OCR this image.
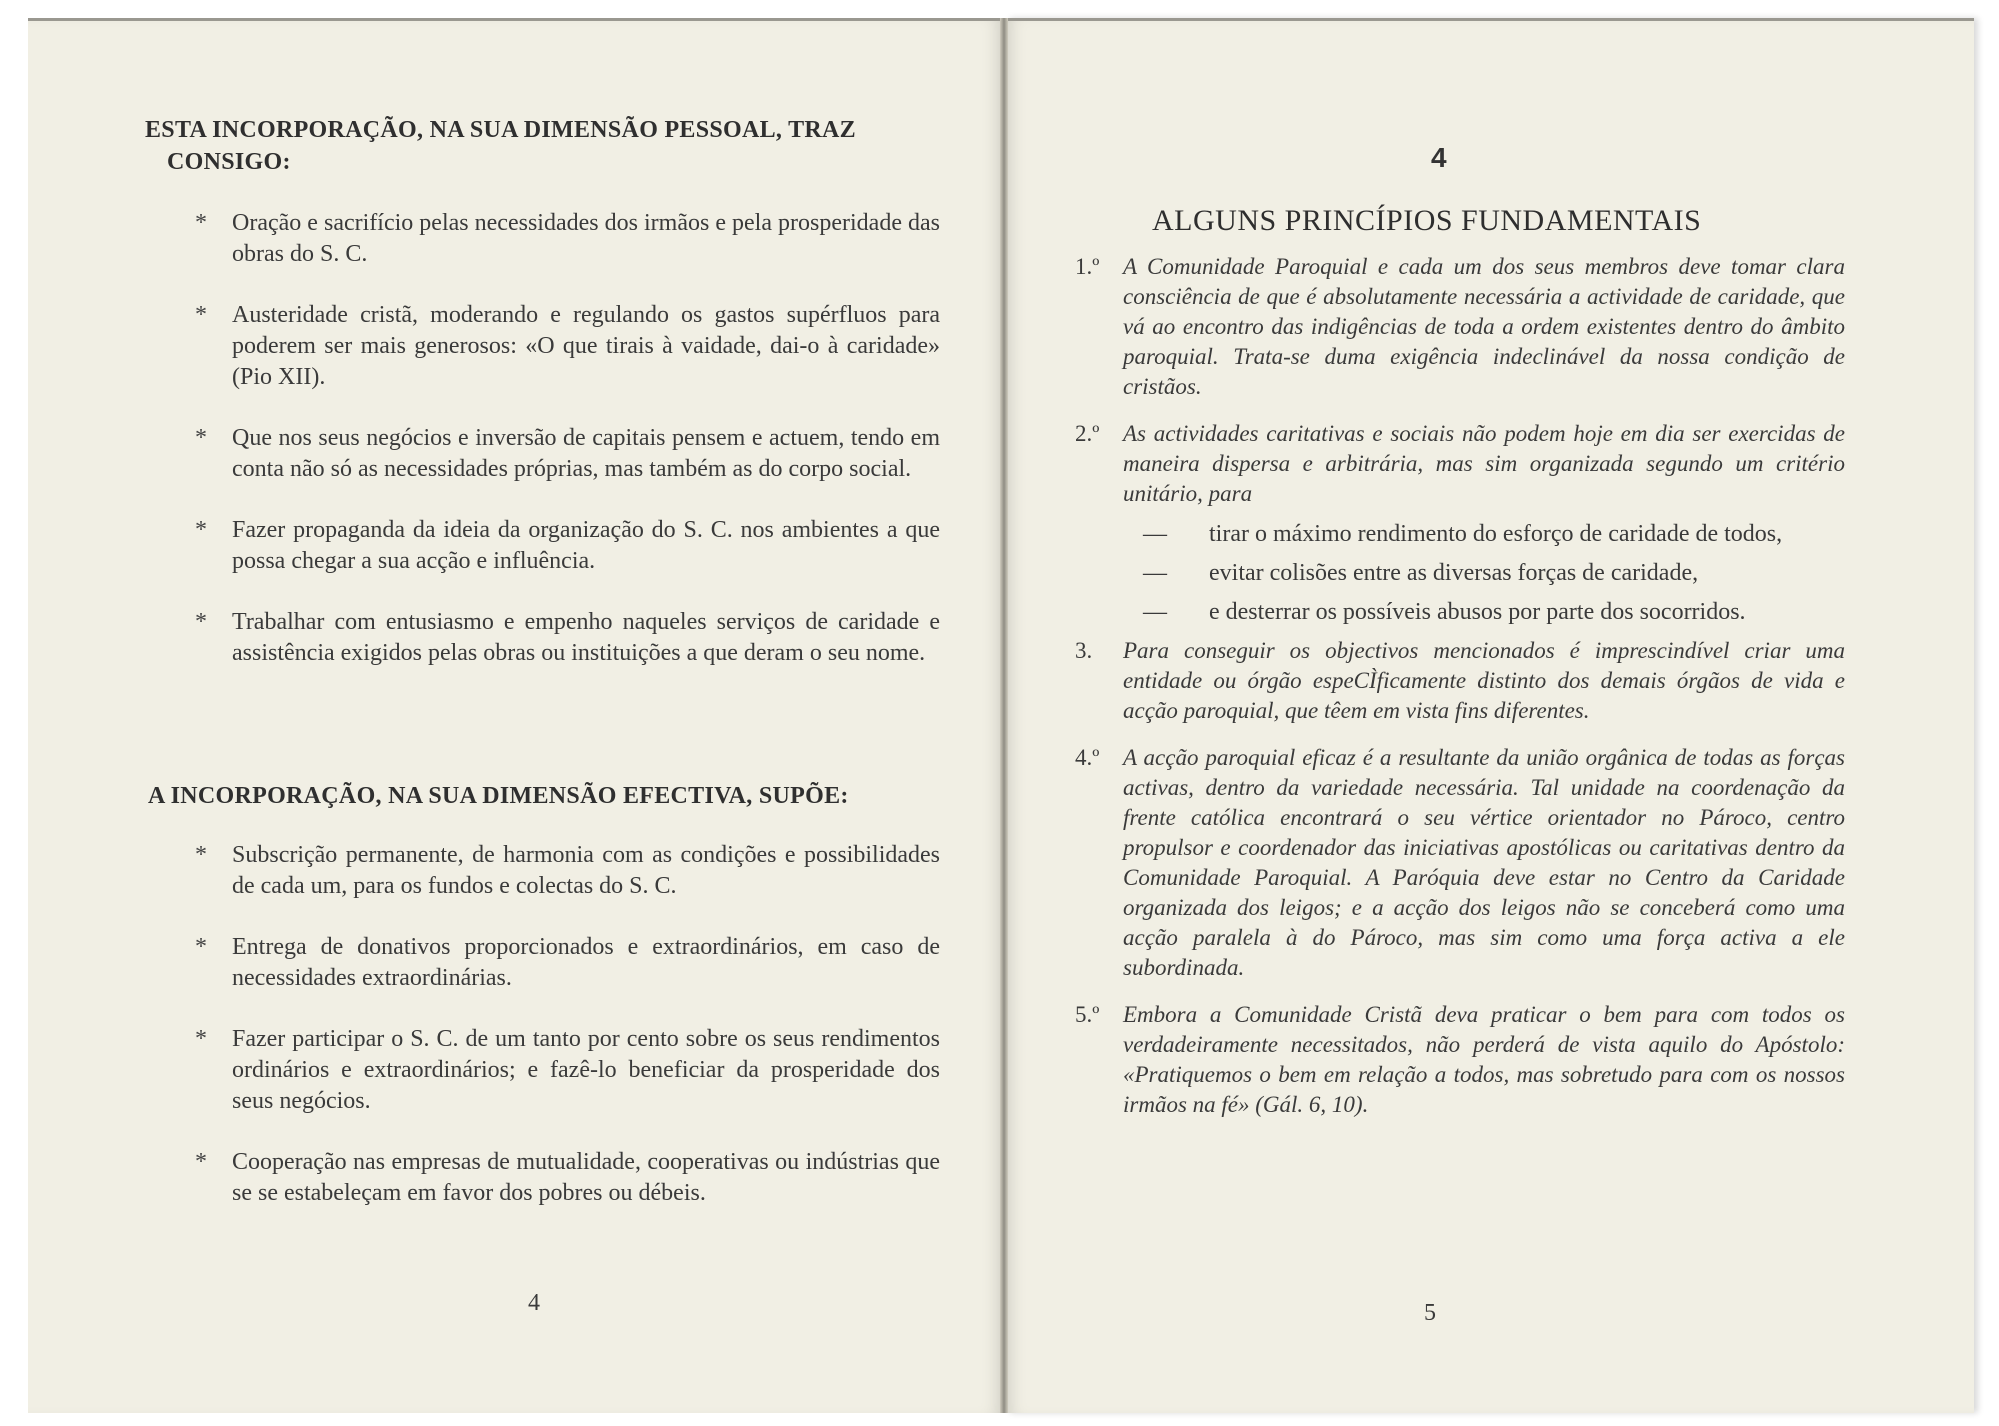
ESTA INCORPORAÇÃO, NA SUA DIMENSÃO PESSOAL, TRAZ
CONSIGO:
*	Oração e sacrifício pelas necessidades dos irmãos e pela prosperidade das obras do S. C.
*	Austeridade cristã, moderando e regulando os gastos supérfluos para poderem ser mais generosos: «O que tirais à vaidade, dai-o à caridade» (Pio XII).
*	Que nos seus negócios e inversão de capitais pensem e actuem, tendo em conta não só as necessidades próprias, mas também as do corpo social.
*	Fazer propaganda da ideia da organização do S. C. nos ambientes a que possa chegar a sua acção e influência.
*	Trabalhar com entusiasmo e empenho naqueles serviços de caridade e assistência exigidos pelas obras ou instituições a que deram o seu nome.
A INCORPORAÇÃO, NA SUA DIMENSÃO EFECTIVA, SUPÕE:
*	Subscrição permanente, de harmonia com as condições e possibilidades de cada um, para os fundos e colectas do S. C.
*	Entrega de donativos proporcionados e extraordinários, em caso de necessidades extraordinárias.
*	Fazer participar o S. C. de um tanto por cento sobre os seus rendimentos ordinários e extraordinários; e fazê-lo beneficiar da prosperidade dos seus negócios.
*	Cooperação nas empresas de mutualidade, cooperativas ou indústrias que se se estabeleçam em favor dos pobres ou débeis.
4
4
ALGUNS PRINCÍPIOS FUNDAMENTAIS
1.º	A Comunidade Paroquial e cada um dos seus membros deve tomar clara consciência de que é absolutamente necessária a actividade de caridade, que vá ao encontro das indigências de toda a ordem existentes dentro do âmbito paroquial. Trata-se duma exigência indeclinável da nossa condição de cristãos.
2.º	As actividades caritativas e sociais não podem hoje em dia ser exercidas de maneira dispersa e arbitrária, mas sim organizada segundo um critério unitário, para
—	tirar o máximo rendimento do esforço de caridade de todos,
—	evitar colisões entre as diversas forças de caridade,
—	e desterrar os possíveis abusos por parte dos socorridos.
3.	Para conseguir os objectivos mencionados é imprescindível criar uma entidade ou órgão espeCÌficamente distinto dos demais órgãos de vida e acção paroquial, que têem em vista fins diferentes.
4.º	A acção paroquial eficaz é a resultante da união orgânica de todas as forças activas, dentro da variedade necessária. Tal unidade na coordenação da frente católica encontrará o seu vértice orientador no Pároco, centro propulsor e coordenador das iniciativas apostólicas ou caritativas dentro da Comunidade Paroquial. A Paróquia deve estar no Centro da Caridade organizada dos leigos; e a acção dos leigos não se conceberá como uma acção paralela à do Pároco, mas sim como uma força activa a ele subordinada.
5.º	Embora a Comunidade Cristã deva praticar o bem para com todos os verdadeiramente necessitados, não perderá de vista aquilo do Apóstolo: «Pratiquemos o bem em relação a todos, mas sobretudo para com os nossos irmãos na fé» (Gál. 6, 10).
5
